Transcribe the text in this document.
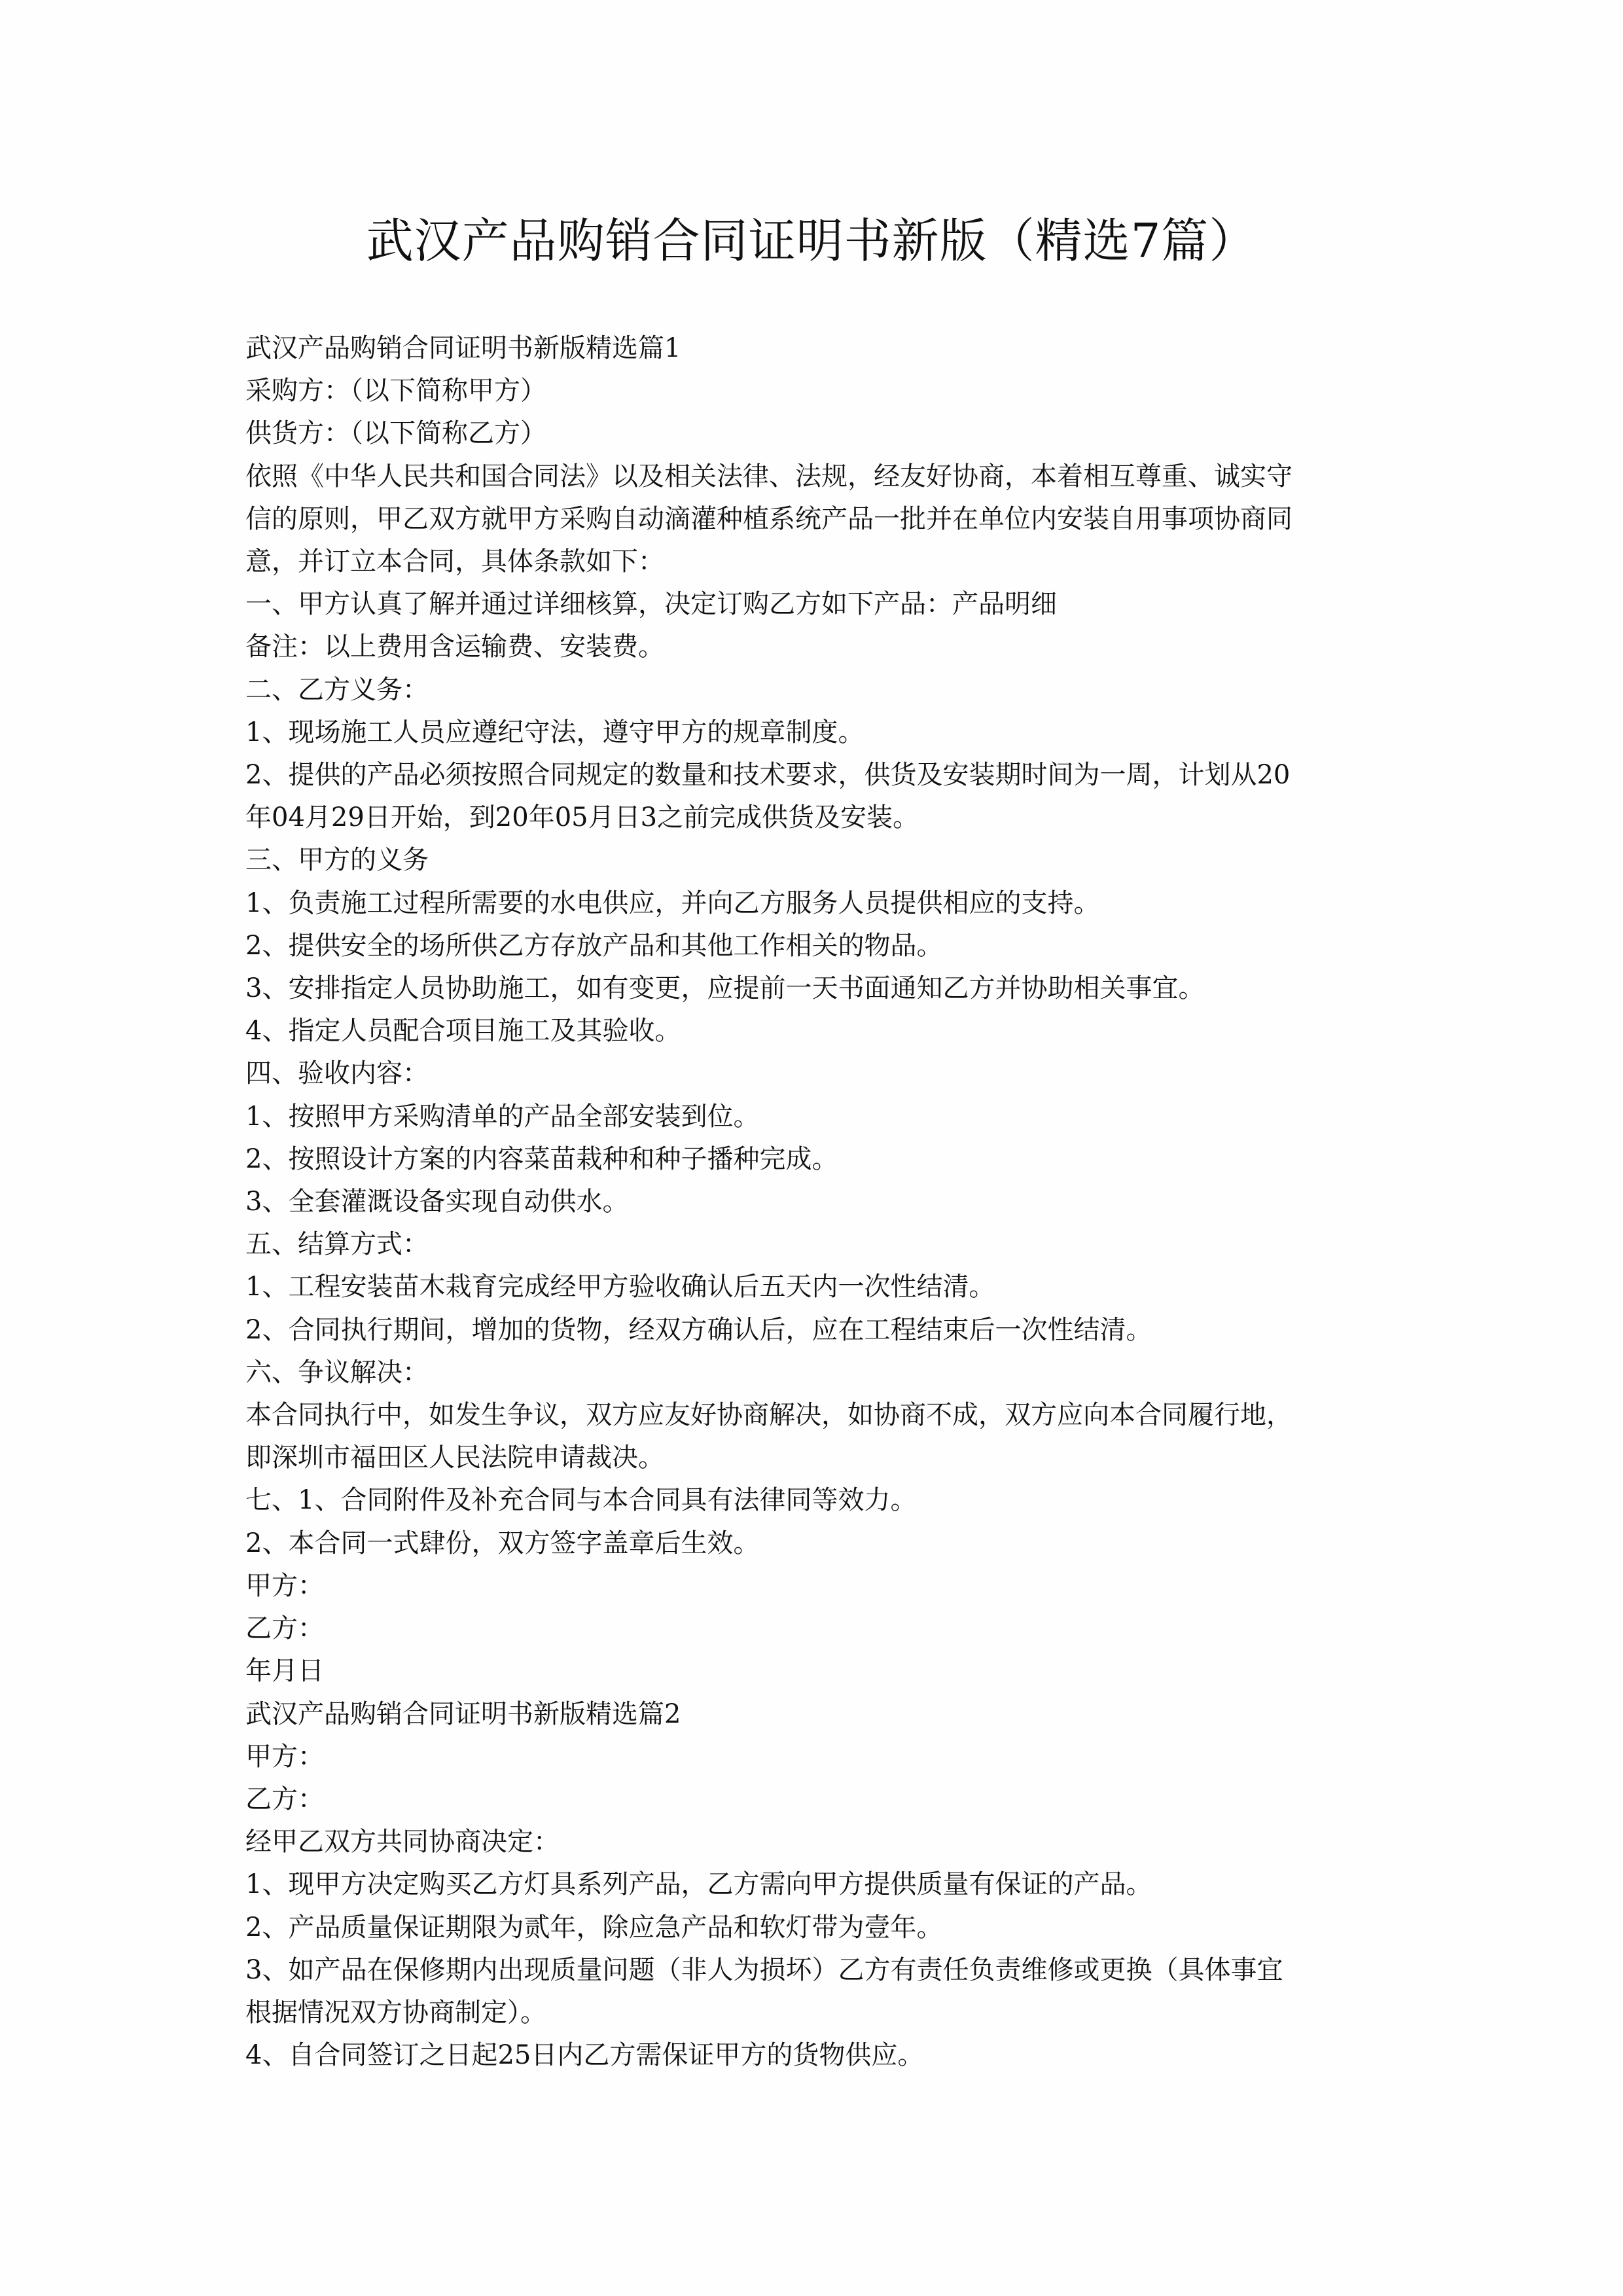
武汉产品购销合同证明书新版（精选7篇）

武汉产品购销合同证明书新版精选篇1

采购方：（以下简称甲方）

供货方：（以下简称乙方）

依照《中华人民共和国合同法》以及相关法律、法规，经友好协商，本着相互尊重、诚实守

信的原则，甲乙双方就甲方采购自动滴灌种植系统产品一批并在单位内安装自用事项协商同

意，并订立本合同，具体条款如下：

一、甲方认真了解并通过详细核算，决定订购乙方如下产品：产品明细

备注：以上费用含运输费、安装费。

二、乙方义务：

1、现场施工人员应遵纪守法，遵守甲方的规章制度。

2、提供的产品必须按照合同规定的数量和技术要求，供货及安装期时间为一周，计划从20

年04月29日开始，到20年05月日3之前完成供货及安装。

三、甲方的义务

1、负责施工过程所需要的水电供应，并向乙方服务人员提供相应的支持。

2、提供安全的场所供乙方存放产品和其他工作相关的物品。

3、安排指定人员协助施工，如有变更，应提前一天书面通知乙方并协助相关事宜。

4、指定人员配合项目施工及其验收。

四、验收内容：

1、按照甲方采购清单的产品全部安装到位。

2、按照设计方案的内容菜苗栽种和种子播种完成。

3、全套灌溉设备实现自动供水。

五、结算方式：

1、工程安装苗木栽育完成经甲方验收确认后五天内一次性结清。

2、合同执行期间，增加的货物，经双方确认后，应在工程结束后一次性结清。

六、争议解决：

本合同执行中，如发生争议，双方应友好协商解决，如协商不成，双方应向本合同履行地，

即深圳市福田区人民法院申请裁决。

七、1、合同附件及补充合同与本合同具有法律同等效力。

2、本合同一式肆份，双方签字盖章后生效。

甲方：

乙方：

年月日

武汉产品购销合同证明书新版精选篇2

甲方：

乙方：

经甲乙双方共同协商决定：

1、现甲方决定购买乙方灯具系列产品，乙方需向甲方提供质量有保证的产品。

2、产品质量保证期限为贰年，除应急产品和软灯带为壹年。

3、如产品在保修期内出现质量问题（非人为损坏）乙方有责任负责维修或更换（具体事宜

根据情况双方协商制定）。

4、自合同签订之日起25日内乙方需保证甲方的货物供应。
